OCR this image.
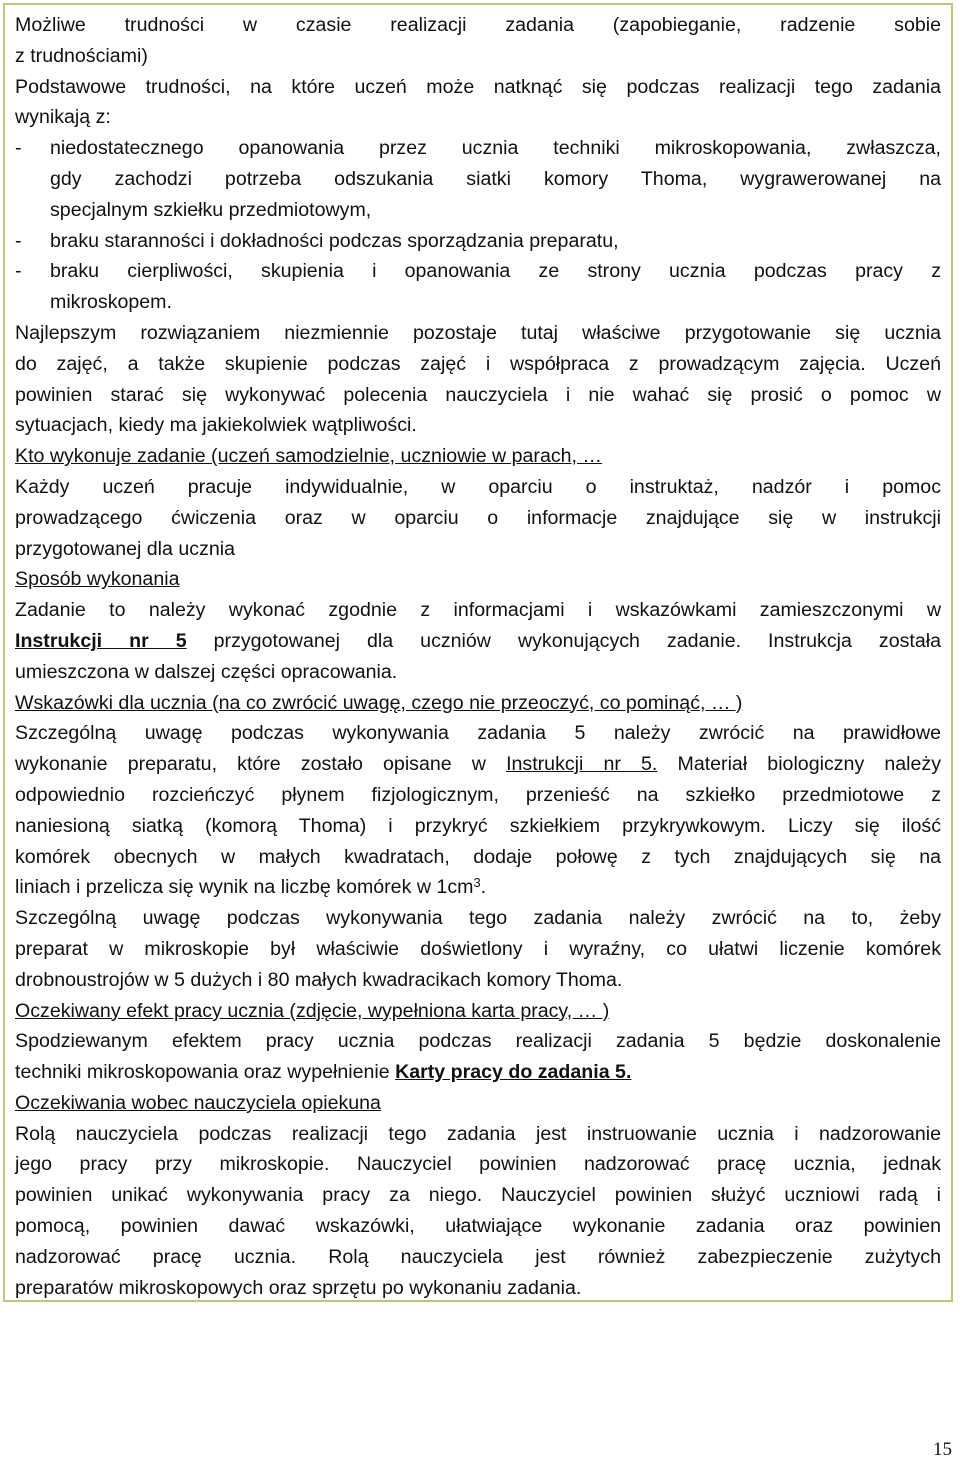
Możliwe trudności w czasie realizacji zadania (zapobieganie, radzenie sobie
z trudnościami)
Podstawowe trudności, na które uczeń może natknąć się podczas realizacji tego zadania
wynikają z:
- niedostatecznego opanowania przez ucznia techniki mikroskopowania, zwłaszcza,
gdy zachodzi potrzeba odszukania siatki komory Thoma, wygrawerowanej na
specjalnym szkiełku przedmiotowym,
- braku staranności i dokładności podczas sporządzania preparatu,
- braku cierpliwości, skupienia i opanowania ze strony ucznia podczas pracy z
mikroskopem.
Najlepszym rozwiązaniem niezmiennie pozostaje tutaj właściwe przygotowanie się ucznia
do zajęć, a także skupienie podczas zajęć i współpraca z prowadzącym zajęcia. Uczeń
powinien starać się wykonywać polecenia nauczyciela i nie wahać się prosić o pomoc w
sytuacjach, kiedy ma jakiekolwiek wątpliwości.
Kto wykonuje zadanie (uczeń samodzielnie, uczniowie w parach, …
Każdy uczeń pracuje indywidualnie, w oparciu o instruktaż, nadzór i pomoc
prowadzącego ćwiczenia oraz w oparciu o informacje znajdujące się w instrukcji
przygotowanej dla ucznia
Sposób wykonania
Zadanie to należy wykonać zgodnie z informacjami i wskazówkami zamieszczonymi w
Instrukcji nr 5 przygotowanej dla uczniów wykonujących zadanie. Instrukcja została
umieszczona w dalszej części opracowania.
Wskazówki dla ucznia (na co zwrócić uwagę, czego nie przeoczyć, co pominąć, … )
Szczególną uwagę podczas wykonywania zadania 5 należy zwrócić na prawidłowe
wykonanie preparatu, które zostało opisane w Instrukcji nr 5. Materiał biologiczny należy
odpowiednio rozcieńczyć płynem fizjologicznym, przenieść na szkiełko przedmiotowe z
naniesioną siatką (komorą Thoma) i przykryć szkiełkiem przykrywkowym. Liczy się ilość
komórek obecnych w małych kwadratach, dodaje połowę z tych znajdujących się na
liniach i przelicza się wynik na liczbę komórek w $1cm^3$.
Szczególną uwagę podczas wykonywania tego zadania należy zwrócić na to, żeby
preparat w mikroskopie był właściwie doświetlony i wyraźny, co ułatwi liczenie komórek
drobnoustrojów w 5 dużych i 80 małych kwadracikach komory Thoma.
Oczekiwany efekt pracy ucznia (zdjęcie, wypełniona karta pracy, … )
Spodziewanym efektem pracy ucznia podczas realizacji zadania 5 będzie doskonalenie
techniki mikroskopowania oraz wypełnienie Karty pracy do zadania 5.
Oczekiwania wobec nauczyciela opiekuna
Rolą nauczyciela podczas realizacji tego zadania jest instruowanie ucznia i nadzorowanie
jego pracy przy mikroskopie. Nauczyciel powinien nadzorować pracę ucznia, jednak
powinien unikać wykonywania pracy za niego. Nauczyciel powinien służyć uczniowi radą i
pomocą, powinien dawać wskazówki, ułatwiające wykonanie zadania oraz powinien
nadzorować pracę ucznia. Rolą nauczyciela jest również zabezpieczenie zużytych
preparatów mikroskopowych oraz sprzętu po wykonaniu zadania.
15
